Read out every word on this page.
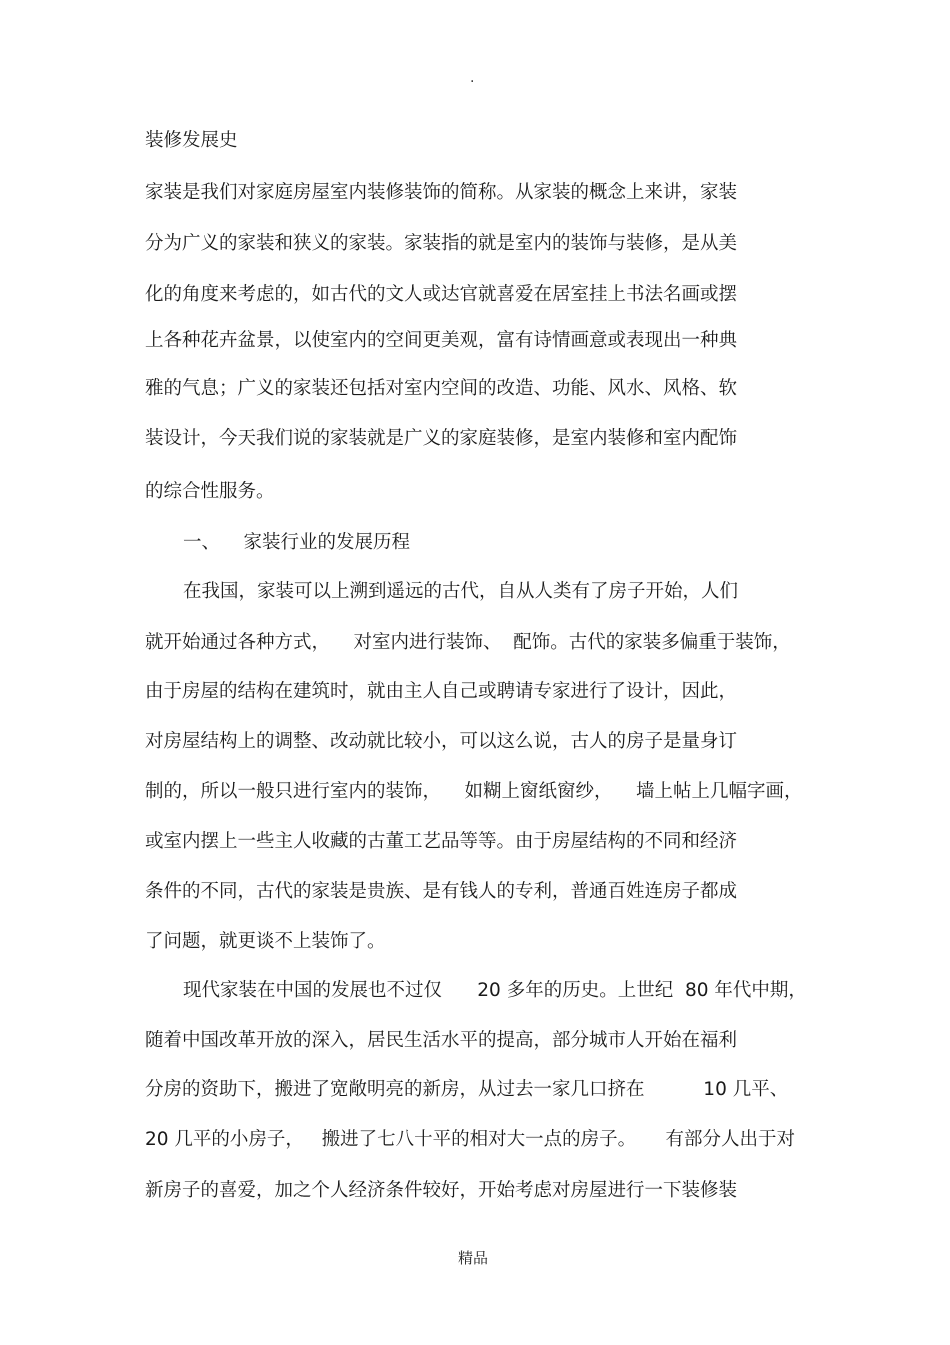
·
装修发展史
家装是我们对家庭房屋室内装修装饰的简称。从家装的概念上来讲，家装
分为广义的家装和狭义的家装。家装指的就是室内的装饰与装修，是从美
化的角度来考虑的，如古代的文人或达官就喜爱在居室挂上书法名画或摆
上各种花卉盆景，以使室内的空间更美观，富有诗情画意或表现出一种典
雅的气息；广义的家装还包括对室内空间的改造、功能、风水、风格、软
装设计，今天我们说的家装就是广义的家庭装修，是室内装修和室内配饰
的综合性服务。
一、    家装行业的发展历程
在我国，家装可以上溯到遥远的古代，自从人类有了房子开始，人们
就开始通过各种方式，    对室内进行装饰、  配饰。古代的家装多偏重于装饰，
由于房屋的结构在建筑时，就由主人自己或聘请专家进行了设计，因此，
对房屋结构上的调整、改动就比较小，可以这么说，古人的房子是量身订
制的，所以一般只进行室内的装饰，    如糊上窗纸窗纱，    墙上帖上几幅字画，
或室内摆上一些主人收藏的古董工艺品等等。由于房屋结构的不同和经济
条件的不同，古代的家装是贵族、是有钱人的专利，普通百姓连房子都成
了问题，就更谈不上装饰了。
现代家装在中国的发展也不过仅      20 多年的历史。上世纪  80 年代中期，
随着中国改革开放的深入，居民生活水平的提高，部分城市人开始在福利
分房的资助下，搬进了宽敞明亮的新房，从过去一家几口挤在          10 几平、
20 几平的小房子，   搬进了七八十平的相对大一点的房子。     有部分人出于对
新房子的喜爱，加之个人经济条件较好，开始考虑对房屋进行一下装修装
精品
